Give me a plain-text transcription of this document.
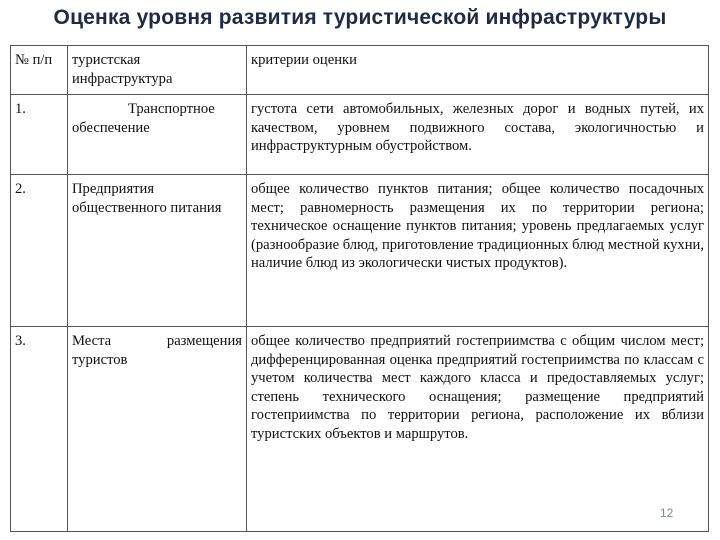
Оценка уровня развития туристической инфраструктуры
№ п/п	туристская инфраструктура	критерии оценки
1.	Транспортное обеспечение	густота сети автомобильных, железных дорог и водных путей, их качеством, уровнем подвижного состава, экологичностью и инфраструктурным обустройством.
2.	Предприятия общественного питания	общее количество пунктов питания; общее количество посадочных мест; равномерность размещения их по территории региона; техническое оснащение пунктов питания; уровень предлагаемых услуг (разнообразие блюд, приготовление традиционных блюд местной кухни, наличие блюд из экологически чистых продуктов).
3.	Места размещения туристов	общее количество предприятий гостеприимства с общим числом мест; дифференцированная оценка предприятий гостеприимства по классам с учетом количества мест каждого класса и предоставляемых услуг; степень технического оснащения; размещение предприятий гостеприимства по территории региона, расположение их вблизи туристских объектов и маршрутов.
12
